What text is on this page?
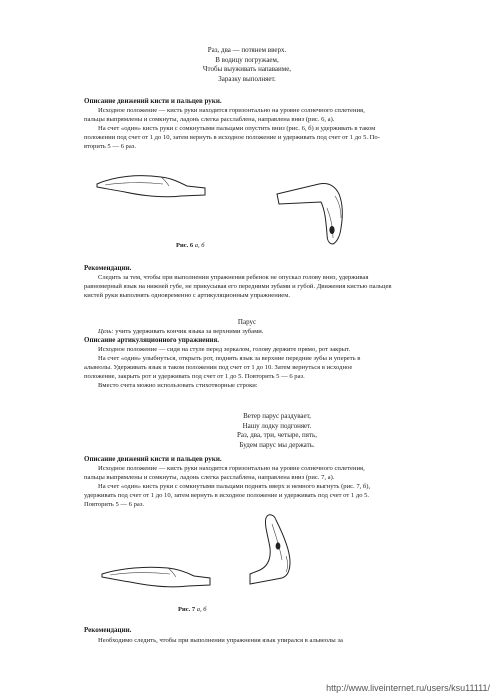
Раз, два — потянем вверх.
В водицу погружаем,
Чтобы выуживать напаваиме,
Заразку выполняет.
Описание движений кисти и пальцев руки.
Исходное положение — кисть руки находится горизонтально на уровне солнечного сплетения,
пальцы выпрямлены и сомкнуты, ладонь слегка расслаблена, направлена вниз (рис. 6, а).
На счет «один» кисть руки с сомкнутыми пальцами опустить вниз (рис. 6, б) и удерживать в таком
положении под счет от 1 до 10, затем вернуть в исходное положение и удерживать под счет от 1 до 5. По-
вторить 5 — 6 раз.
Рис. 6 а, б
Рекомендации.
Следить за тем, чтобы при выполнении упражнения ребенок не опускал голову вниз, удерживая
равномерный язык на нижней губе, не прикусывая его передними зубами и губой. Движения кистью пальцев
кистей руки выполнять одновременно с артикуляционным упражнением.
Парус
Цель: учить удерживать кончик языка за верхними зубами.
Описание артикуляционного упражнения.
Исходное положение — сидя на стуле перед зеркалом, голову держите прямо, рот закрыт.
На счет «один» улыбнуться, открыть рот, поднять язык за верхние передние зубы и упереть в
альвеолы. Удерживать язык в таком положении под счет от 1 до 10. Затем вернуться в исходное
положение, закрыть рот и удерживать под счет от 1 до 5. Повторить 5 — 6 раз.
Вместо счета можно использовать стихотворные строки:
Ветер парус раздувает,
Нашу лодку подгоняет.
Раз, два, три, четыре, пять,
Будем парус мы держать.
Описание движений кисти и пальцев руки.
Исходное положение — кисть руки находится горизонтально на уровне солнечного сплетения,
пальцы выпрямлены и сомкнуты, ладонь слегка расслаблена, направлена вниз (рис. 7, а).
На счет «один» кисть руки с сомкнутыми пальцами поднять вверх и немного выгнуть (рис. 7, б),
удерживать под счет от 1 до 10, затем вернуть в исходное положение и удерживать под счет от 1 до 5.
Повторить 5 — 6 раз.
Рис. 7 а, б
Рекомендации.
Необходимо следить, чтобы при выполнении упражнения язык упирался в альвеолы за
http://www.liveinternet.ru/users/ksu11111/
